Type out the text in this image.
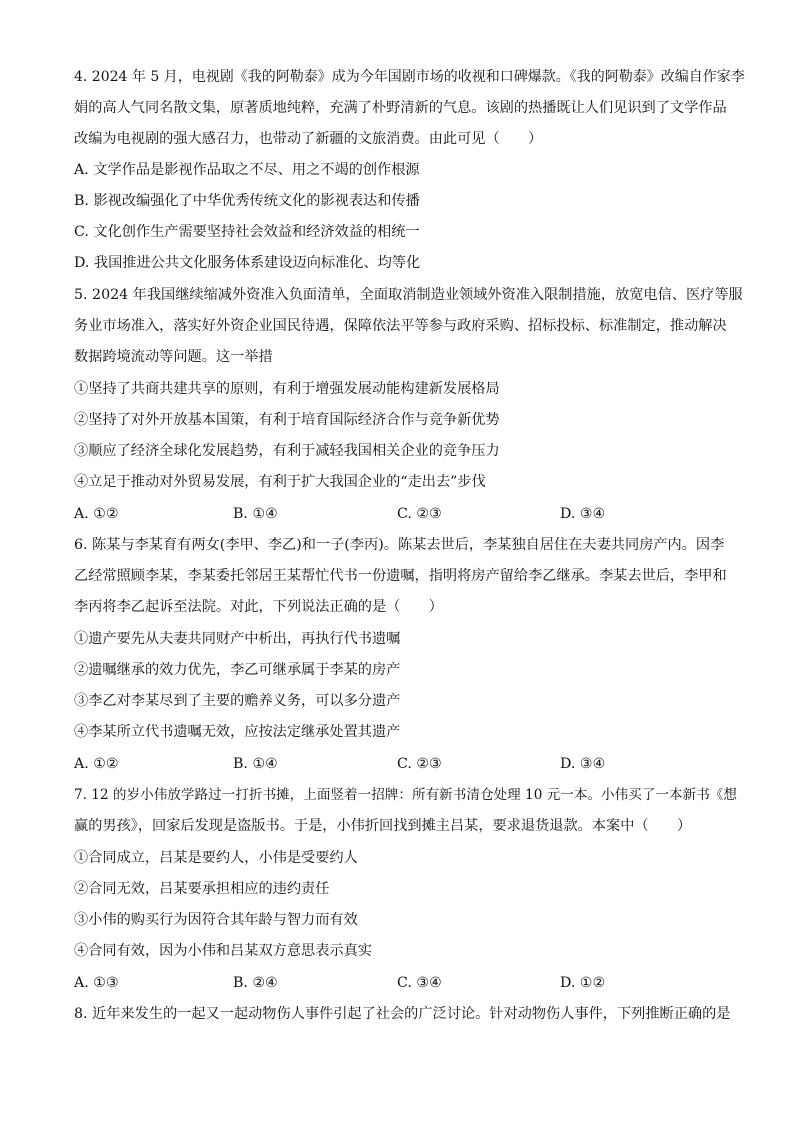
4. 2024 年 5 月，电视剧《我的阿勒泰》成为今年国剧市场的收视和口碑爆款。《我的阿勒泰》改编自作家李
娟的高人气同名散文集，原著质地纯粹，充满了朴野清新的气息。该剧的热播既让人们见识到了文学作品
改编为电视剧的强大感召力，也带动了新疆的文旅消费。由此可见（　　）
A. 文学作品是影视作品取之不尽、用之不竭的创作根源
B. 影视改编强化了中华优秀传统文化的影视表达和传播
C. 文化创作生产需要坚持社会效益和经济效益的相统一
D. 我国推进公共文化服务体系建设迈向标准化、均等化
5. 2024 年我国继续缩减外资准入负面清单，全面取消制造业领域外资准入限制措施，放宽电信、医疗等服
务业市场准入，落实好外资企业国民待遇，保障依法平等参与政府采购、招标投标、标准制定，推动解决
数据跨境流动等问题。这一举措
①坚持了共商共建共享的原则，有利于增强发展动能构建新发展格局
②坚持了对外开放基本国策，有利于培育国际经济合作与竞争新优势
③顺应了经济全球化发展趋势，有利于减轻我国相关企业的竞争压力
④立足于推动对外贸易发展，有利于扩大我国企业的“走出去”步伐
A. ①②	B. ①④	C. ②③	D. ③④
6. 陈某与李某育有两女(李甲、李乙)和一子(李丙)。陈某去世后，李某独自居住在夫妻共同房产内。因李
乙经常照顾李某，李某委托邻居王某帮忙代书一份遗嘱，指明将房产留给李乙继承。李某去世后，李甲和
李丙将李乙起诉至法院。对此，下列说法正确的是（　　）
①遗产要先从夫妻共同财产中析出，再执行代书遗嘱
②遗嘱继承的效力优先，李乙可继承属于李某的房产
③李乙对李某尽到了主要的赡养义务，可以多分遗产
④李某所立代书遗嘱无效，应按法定继承处置其遗产
A. ①②	B. ①④	C. ②③	D. ③④
7. 12 的岁小伟放学路过一打折书摊，上面竖着一招牌：所有新书清仓处理 10 元一本。小伟买了一本新书《想
赢的男孩》，回家后发现是盗版书。于是，小伟折回找到摊主吕某，要求退货退款。本案中（　　）
①合同成立，吕某是要约人，小伟是受要约人
②合同无效，吕某要承担相应的违约责任
③小伟的购买行为因符合其年龄与智力而有效
④合同有效，因为小伟和吕某双方意思表示真实
A. ①③	B. ②④	C. ③④	D. ①②
8. 近年来发生的一起又一起动物伤人事件引起了社会的广泛讨论。针对动物伤人事件，下列推断正确的是
